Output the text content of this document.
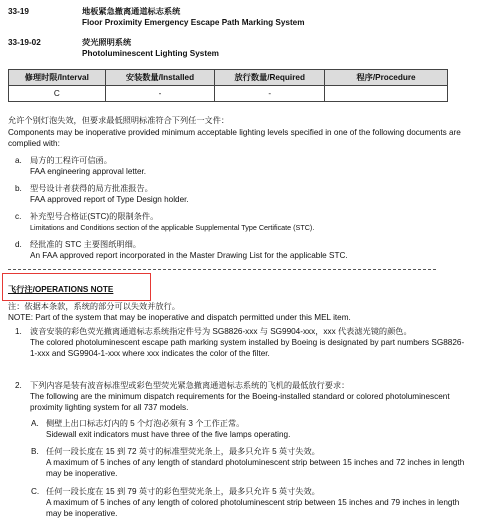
33-19	地板紧急撤离通道标志系统
Floor Proximity Emergency Escape Path Marking System
33-19-02	荧光照明系统
Photoluminescent Lighting System
修理时限/Interval	安装数量/Installed	放行数量/Required	程序/Procedure
C	-	-	
允许个别灯泡失效，但要求最低照明标准符合下列任一文件：
Components may be inoperative provided minimum acceptable lighting levels specified in one of the following documents are complied with:
a. 局方的工程许可信函。
FAA engineering approval letter.
b. 型号设计者获得的局方批准报告。
FAA approved report of Type Design holder.
c. 补充型号合格证(STC)的限制条件。
Limitations and Conditions section of the applicable Supplemental Type Certificate (STC).
d. 经批准的 STC 主要图纸明细。
An FAA approved report incorporated in the Master Drawing List for the applicable STC.
飞行注/OPERATIONS NOTE
注：依据本条款，系统的部分可以失效并放行。
NOTE: Part of the system that may be inoperative and dispatch permitted under this MEL item.
1. 波音安装的彩色荧光撤离通道标志系统指定件号为 SG8826-xxx 与 SG9904-xxx，xxx 代表滤光镜的颜色。
The colored photoluminescent escape path marking system installed by Boeing is designated by part numbers SG8826-1-xxx and SG9904-1-xxx where xxx indicates the color of the filter.
2. 下列内容是装有波音标准型或彩色型荧光紧急撤离通道标志系统的飞机的最低放行要求：
The following are the minimum dispatch requirements for the Boeing-installed standard or colored photoluminescent proximity lighting system for all 737 models.
A. 侧壁上出口标志灯内的 5 个灯泡必须有 3 个工作正常。
Sidewall exit indicators must have three of the five lamps operating.
B. 任何一段长度在 15 到 72 英寸的标准型荧光条上，最多只允许 5 英寸失效。
A maximum of 5 inches of any length of standard photoluminescent strip between 15 inches and 72 inches in length may be inoperative.
C. 任何一段长度在 15 到 79 英寸的彩色型荧光条上，最多只允许 5 英寸失效。
A maximum of 5 inches of any length of colored photoluminescent strip between 15 inches and 79 inches in length may be inoperative.
